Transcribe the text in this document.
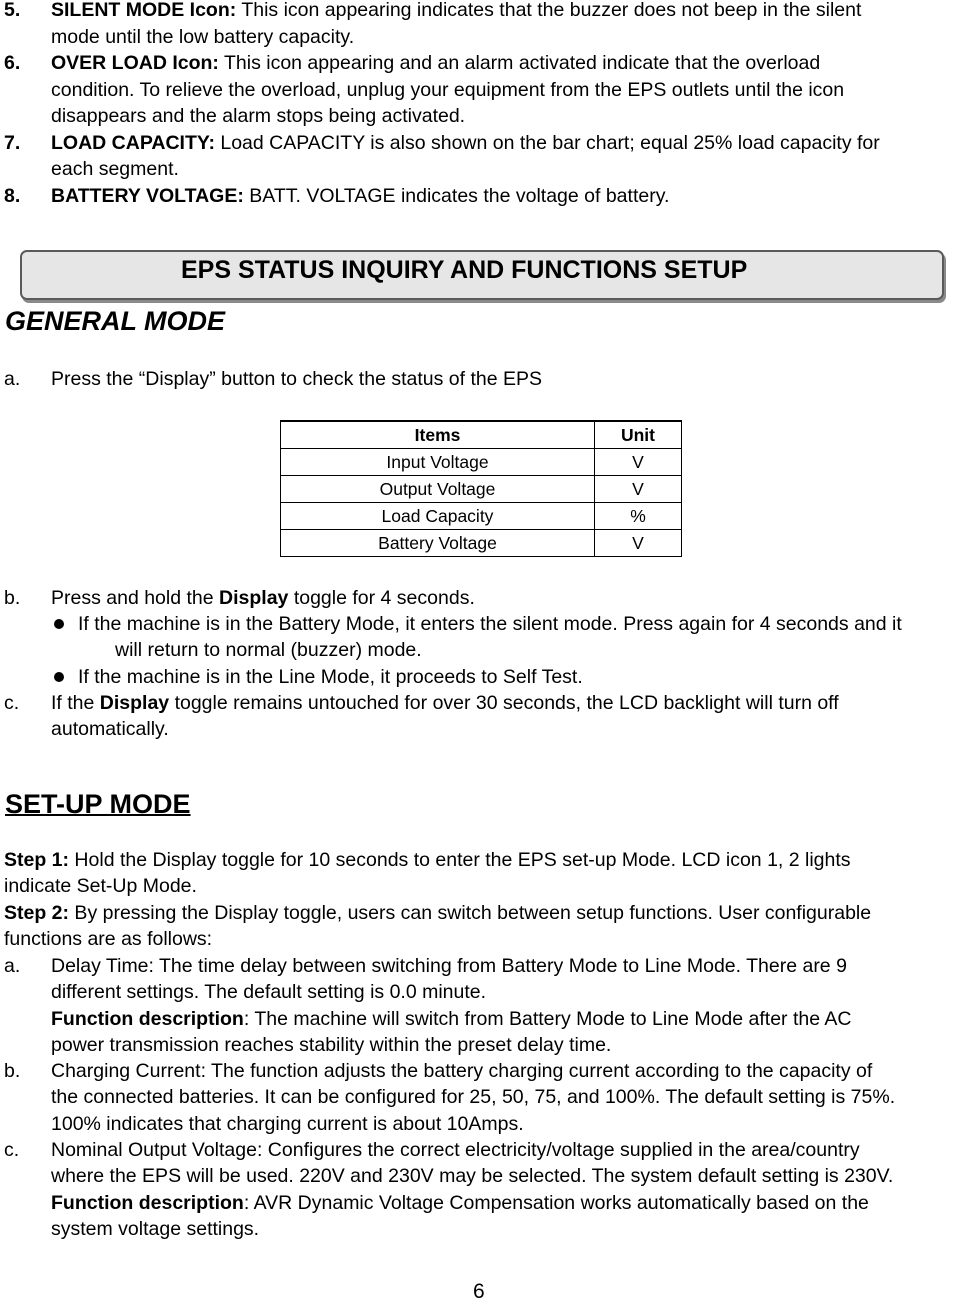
5. SILENT MODE Icon: This icon appearing indicates that the buzzer does not beep in the silent
mode until the low battery capacity.
6. OVER LOAD Icon: This icon appearing and an alarm activated indicate that the overload
condition. To relieve the overload, unplug your equipment from the EPS outlets until the icon
disappears and the alarm stops being activated.
7. LOAD CAPACITY: Load CAPACITY is also shown on the bar chart; equal 25% load capacity for
each segment.
8. BATTERY VOLTAGE: BATT. VOLTAGE indicates the voltage of battery.
EPS STATUS INQUIRY AND FUNCTIONS SETUP
GENERAL MODE
a. Press the “Display” button to check the status of the EPS
Items	Unit
Input Voltage	V
Output Voltage	V
Load Capacity	%
Battery Voltage	V
b. Press and hold the Display toggle for 4 seconds.
If the machine is in the Battery Mode, it enters the silent mode. Press again for 4 seconds and it
will return to normal (buzzer) mode.
If the machine is in the Line Mode, it proceeds to Self Test.
c. If the Display toggle remains untouched for over 30 seconds, the LCD backlight will turn off
automatically.
SET-UP MODE
Step 1: Hold the Display toggle for 10 seconds to enter the EPS set-up Mode. LCD icon 1, 2 lights
indicate Set-Up Mode.
Step 2: By pressing the Display toggle, users can switch between setup functions. User configurable
functions are as follows:
a. Delay Time: The time delay between switching from Battery Mode to Line Mode. There are 9
different settings. The default setting is 0.0 minute.
Function description: The machine will switch from Battery Mode to Line Mode after the AC
power transmission reaches stability within the preset delay time.
b. Charging Current: The function adjusts the battery charging current according to the capacity of
the connected batteries. It can be configured for 25, 50, 75, and 100%. The default setting is 75%.
100% indicates that charging current is about 10Amps.
c. Nominal Output Voltage: Configures the correct electricity/voltage supplied in the area/country
where the EPS will be used. 220V and 230V may be selected. The system default setting is 230V.
Function description: AVR Dynamic Voltage Compensation works automatically based on the
system voltage settings.
6
